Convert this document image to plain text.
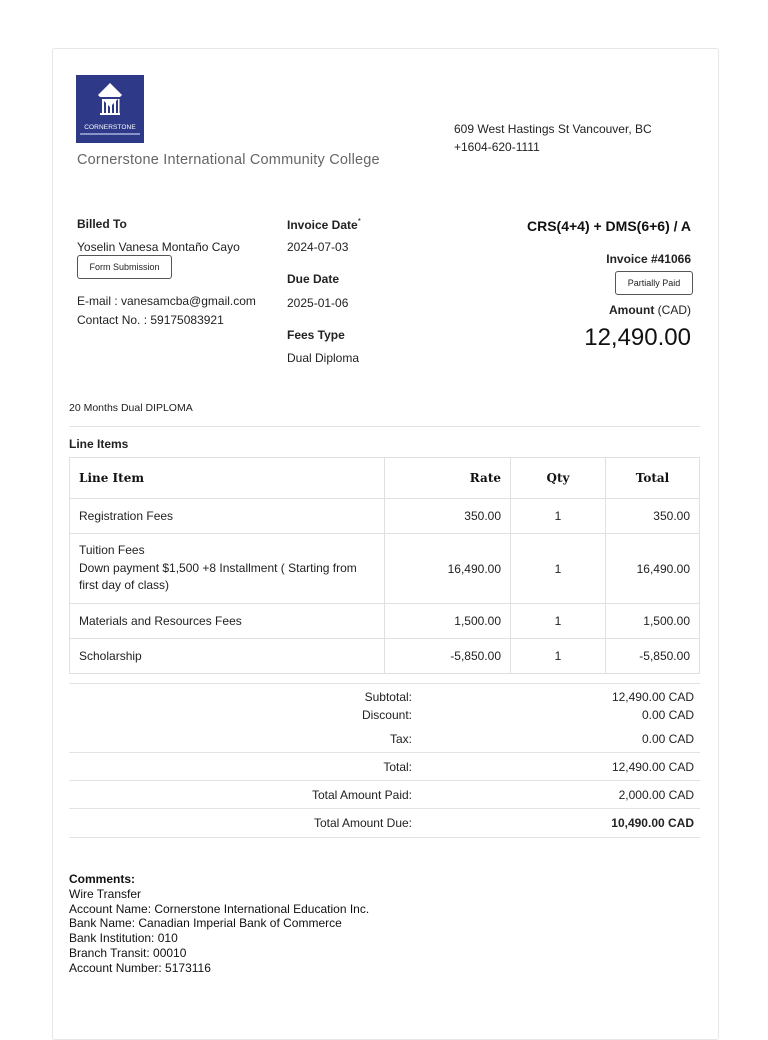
CORNERSTONE
Cornerstone International Community College
609 West Hastings St Vancouver, BC
+1604-620-1111
Billed To
Yoselin Vanesa Montaño Cayo
Form Submission
E-mail : vanesamcba@gmail.com
Contact No. : 59175083921
Invoice Date*
2024-07-03
Due Date
2025-01-06
Fees Type
Dual Diploma
CRS(4+4) + DMS(6+6) / A
Invoice #41066
Partially Paid
Amount (CAD)
12,490.00
20 Months Dual DIPLOMA
Line Items
Line Item	Rate	Qty	Total
Registration Fees	350.00	1	350.00

Tuition Fees
Down payment $1,500 +8 Installment ( Starting from first day of class)	16,490.00	1	16,490.00
Materials and Resources Fees	1,500.00	1	1,500.00
Scholarship	-5,850.00	1	-5,850.00
Subtotal:	12,490.00 CAD
Discount:	0.00 CAD
Tax:	0.00 CAD
Total:	12,490.00 CAD
Total Amount Paid:	2,000.00 CAD
Total Amount Due:	10,490.00 CAD
Comments:
Wire Transfer
Account Name: Cornerstone International Education Inc.
Bank Name: Canadian Imperial Bank of Commerce
Bank Institution: 010
Branch Transit: 00010
Account Number: 5173116
